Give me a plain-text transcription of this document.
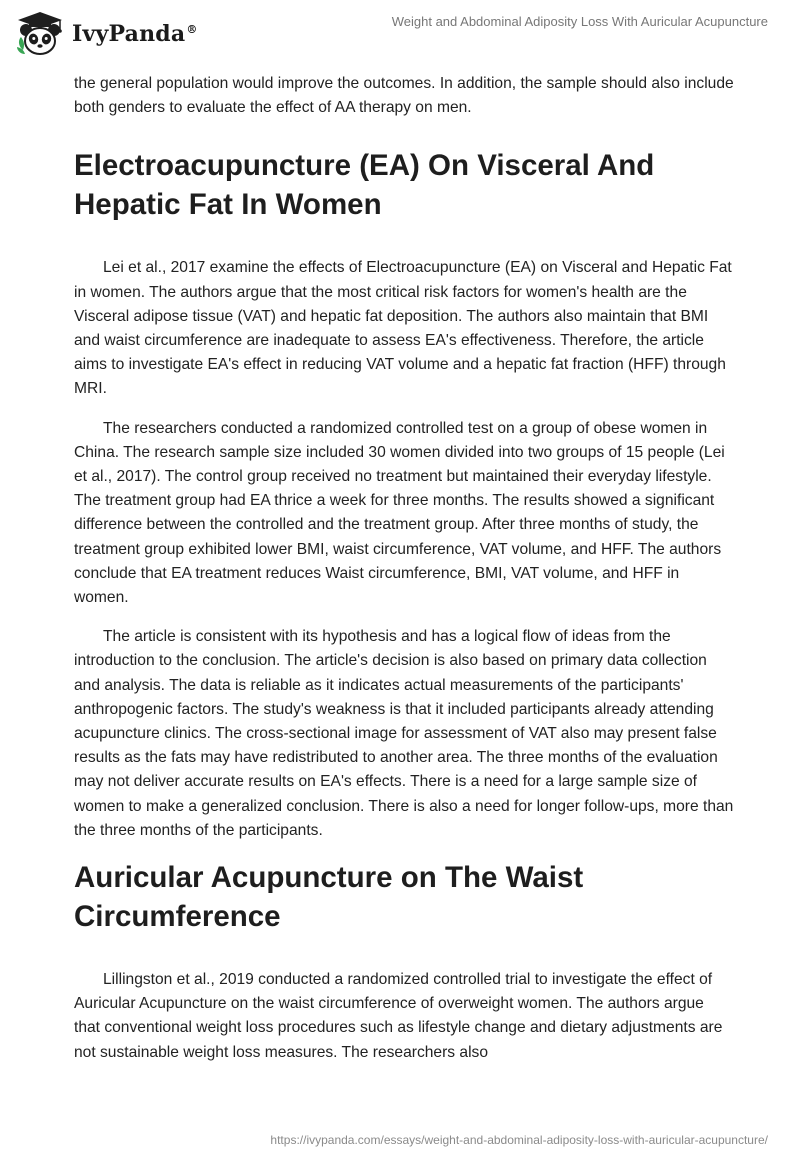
IvyPanda®
Weight and Abdominal Adiposity Loss With Auricular Acupuncture

the general population would improve the outcomes. In addition, the sample should also include both genders to evaluate the effect of AA therapy on men.

Electroacupuncture (EA) On Visceral And Hepatic Fat In Women

Lei et al., 2017 examine the effects of Electroacupuncture (EA) on Visceral and Hepatic Fat in women. The authors argue that the most critical risk factors for women's health are the Visceral adipose tissue (VAT) and hepatic fat deposition. The authors also maintain that BMI and waist circumference are inadequate to assess EA's effectiveness. Therefore, the article aims to investigate EA's effect in reducing VAT volume and a hepatic fat fraction (HFF) through MRI.

The researchers conducted a randomized controlled test on a group of obese women in China. The research sample size included 30 women divided into two groups of 15 people (Lei et al., 2017). The control group received no treatment but maintained their everyday lifestyle. The treatment group had EA thrice a week for three months. The results showed a significant difference between the controlled and the treatment group. After three months of study, the treatment group exhibited lower BMI, waist circumference, VAT volume, and HFF. The authors conclude that EA treatment reduces Waist circumference, BMI, VAT volume, and HFF in women.

The article is consistent with its hypothesis and has a logical flow of ideas from the introduction to the conclusion. The article's decision is also based on primary data collection and analysis. The data is reliable as it indicates actual measurements of the participants' anthropogenic factors. The study's weakness is that it included participants already attending acupuncture clinics. The cross-sectional image for assessment of VAT also may present false results as the fats may have redistributed to another area. The three months of the evaluation may not deliver accurate results on EA's effects. There is a need for a large sample size of women to make a generalized conclusion. There is also a need for longer follow-ups, more than the three months of the participants.

Auricular Acupuncture on The Waist Circumference

Lillingston et al., 2019 conducted a randomized controlled trial to investigate the effect of Auricular Acupuncture on the waist circumference of overweight women. The authors argue that conventional weight loss procedures such as lifestyle change and dietary adjustments are not sustainable weight loss measures. The researchers also

https://ivypanda.com/essays/weight-and-abdominal-adiposity-loss-with-auricular-acupuncture/
